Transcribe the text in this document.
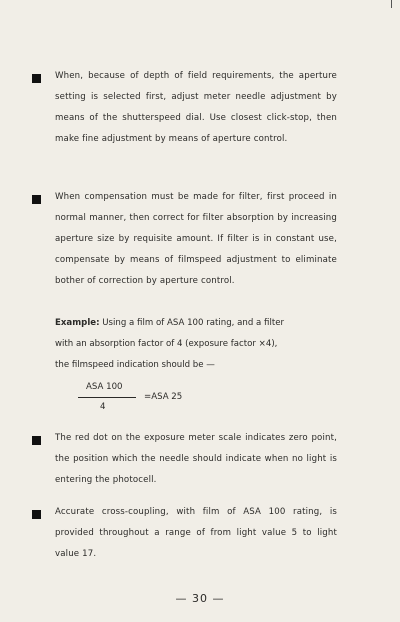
When, because of depth of field requirements, the aperture setting is selected first, adjust meter needle adjustment by means of the shutterspeed dial. Use closest click-stop, then make fine adjustment by means of aperture control.

When compensation must be made for filter, first proceed in normal manner, then correct for filter absorption by increasing aperture size by requisite amount. If filter is in constant use, compensate by means of filmspeed adjustment to eliminate bother of correction by aperture control.

Example: Using a film of ASA 100 rating, and a filter

with an absorption factor of 4 (exposure factor ×4),

the filmspeed indication should be —

ASA 100
4
=ASA 25

The red dot on the exposure meter scale indicates zero point, the position which the needle should indicate when no light is entering the photocell.

Accurate cross-coupling, with film of ASA 100 rating, is provided throughout a range of from light value 5 to light value 17.

— 30 —
